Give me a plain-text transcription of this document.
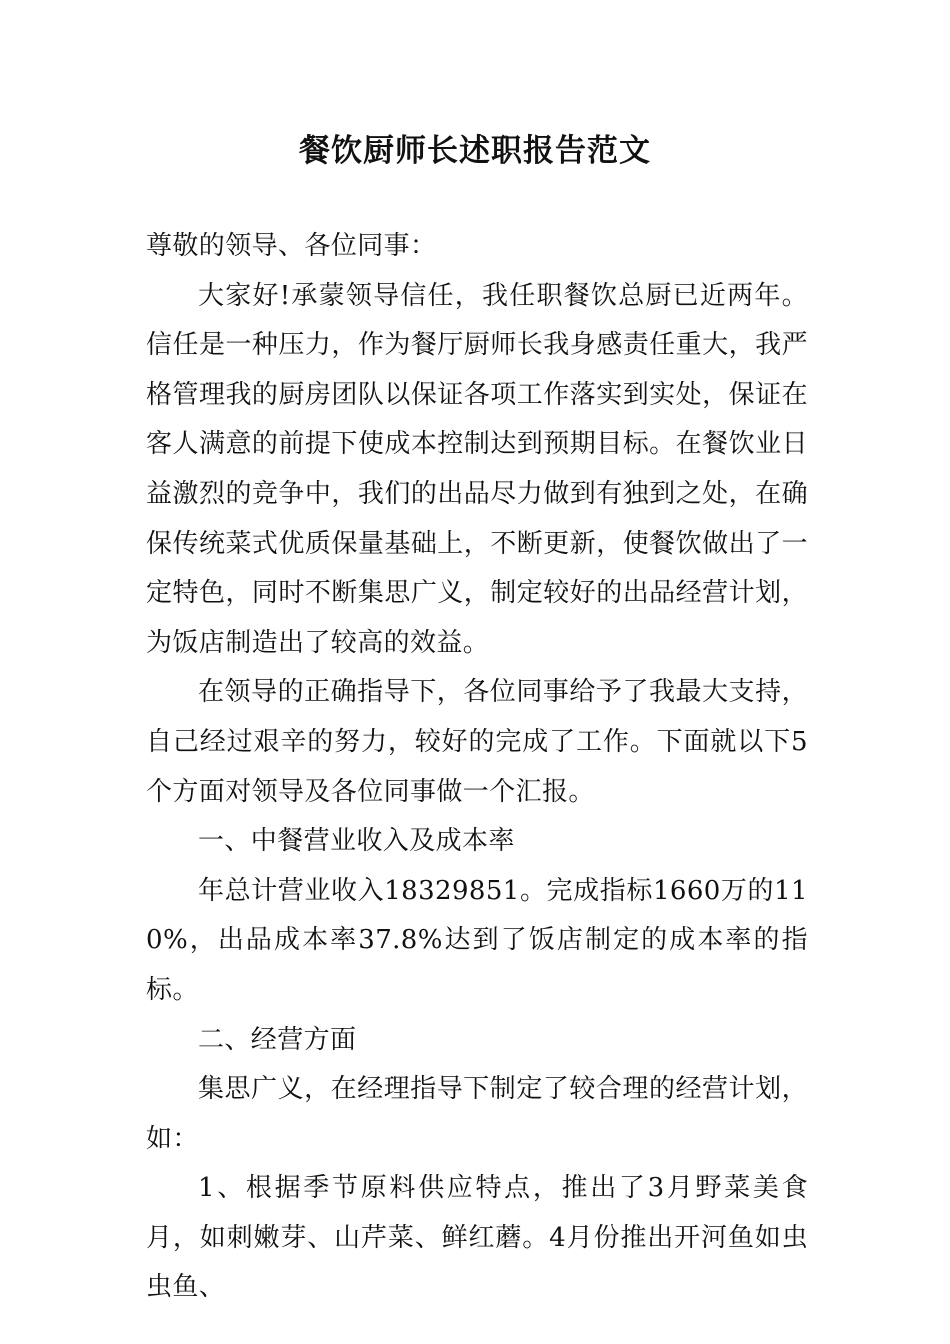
餐饮厨师长述职报告范文

尊敬的领导、各位同事：

大家好!承蒙领导信任，我任职餐饮总厨已近两年。信任是一种压力，作为餐厅厨师长我身感责任重大，我严格管理我的厨房团队以保证各项工作落实到实处，保证在客人满意的前提下使成本控制达到预期目标。在餐饮业日益激烈的竞争中，我们的出品尽力做到有独到之处，在确保传统菜式优质保量基础上，不断更新，使餐饮做出了一定特色，同时不断集思广义，制定较好的出品经营计划，为饭店制造出了较高的效益。

在领导的正确指导下，各位同事给予了我最大支持，自己经过艰辛的努力，较好的完成了工作。下面就以下5个方面对领导及各位同事做一个汇报。

一、中餐营业收入及成本率

年总计营业收入18329851。完成指标1660万的110%，出品成本率37.8%达到了饭店制定的成本率的指标。

二、经营方面

集思广义，在经理指导下制定了较合理的经营计划，如：

1、根据季节原料供应特点，推出了3月野菜美食月，如刺嫩芽、山芹菜、鲜红蘑。4月份推出开河鱼如虫虫鱼、
